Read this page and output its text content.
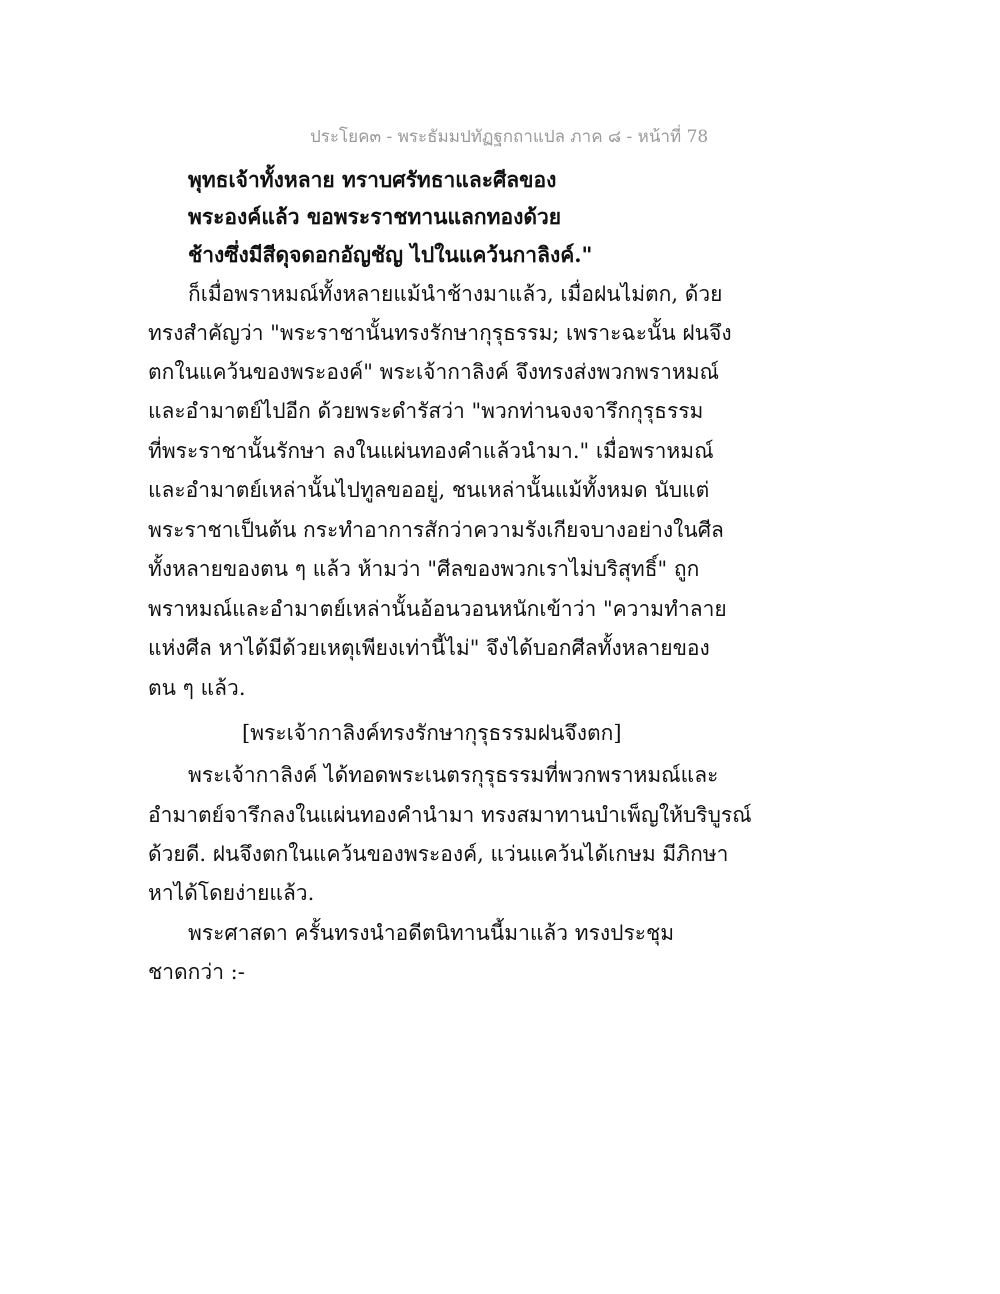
ประโยค๓ - พระธัมมปทัฏฐกถาแปล ภาค ๘ - หน้าที่ 78
พุทธเจ้าทั้งหลาย ทราบศรัทธาและศีลของ
พระองค์แล้ว ขอพระราชทานแลกทองด้วย
ช้างซึ่งมีสีดุจดอกอัญชัญ ไปในแคว้นกาลิงค์."
ก็เมื่อพราหมณ์ทั้งหลายแม้นำช้างมาแล้ว, เมื่อฝนไม่ตก, ด้วย
ทรงสำคัญว่า "พระราชานั้นทรงรักษากุรุธรรม; เพราะฉะนั้น ฝนจึง
ตกในแคว้นของพระองค์" พระเจ้ากาลิงค์ จึงทรงส่งพวกพราหมณ์
และอำมาตย์ไปอีก ด้วยพระดำรัสว่า "พวกท่านจงจารึกกุรุธรรม
ที่พระราชานั้นรักษา ลงในแผ่นทองคำแล้วนำมา." เมื่อพราหมณ์
และอำมาตย์เหล่านั้นไปทูลขออยู่, ชนเหล่านั้นแม้ทั้งหมด นับแต่
พระราชาเป็นต้น กระทำอาการสักว่าความรังเกียจบางอย่างในศีล
ทั้งหลายของตน ๆ แล้ว ห้ามว่า "ศีลของพวกเราไม่บริสุทธิ์" ถูก
พราหมณ์และอำมาตย์เหล่านั้นอ้อนวอนหนักเข้าว่า "ความทำลาย
แห่งศีล หาได้มีด้วยเหตุเพียงเท่านี้ไม่" จึงได้บอกศีลทั้งหลายของ
ตน ๆ แล้ว.
[พระเจ้ากาลิงค์ทรงรักษากุรุธรรมฝนจึงตก]
พระเจ้ากาลิงค์ ได้ทอดพระเนตรกุรุธรรมที่พวกพราหมณ์และ
อำมาตย์จารึกลงในแผ่นทองคำนำมา ทรงสมาทานบำเพ็ญให้บริบูรณ์
ด้วยดี. ฝนจึงตกในแคว้นของพระองค์, แว่นแคว้นได้เกษม มีภิกษา
หาได้โดยง่ายแล้ว.
พระศาสดา ครั้นทรงนำอดีตนิทานนี้มาแล้ว ทรงประชุม
ชาดกว่า :-
